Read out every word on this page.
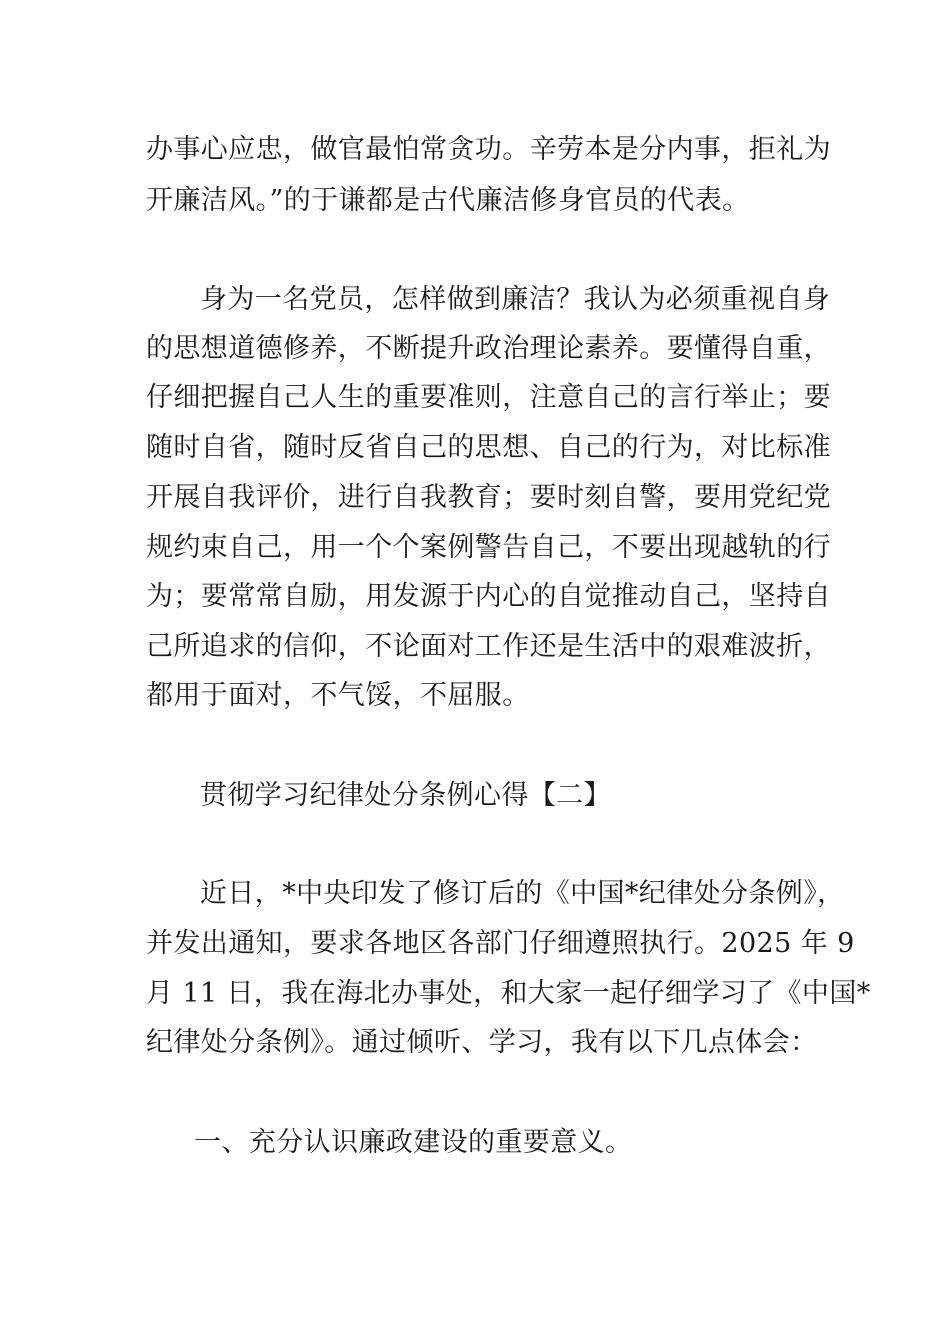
办事心应忠，做官最怕常贪功。辛劳本是分内事，拒礼为
开廉洁风。”的于谦都是古代廉洁修身官员的代表。
身为一名党员，怎样做到廉洁？我认为必须重视自身
的思想道德修养，不断提升政治理论素养。要懂得自重，
仔细把握自己人生的重要准则，注意自己的言行举止；要
随时自省，随时反省自己的思想、自己的行为，对比标准
开展自我评价，进行自我教育；要时刻自警，要用党纪党
规约束自己，用一个个案例警告自己，不要出现越轨的行
为；要常常自励，用发源于内心的自觉推动自己，坚持自
己所追求的信仰，不论面对工作还是生活中的艰难波折，
都用于面对，不气馁，不屈服。
贯彻学习纪律处分条例心得【二】
近日，*中央印发了修订后的《中国*纪律处分条例》，
并发出通知，要求各地区各部门仔细遵照执行。2025 年 9
月 11 日，我在海北办事处，和大家一起仔细学习了《中国*
纪律处分条例》。通过倾听、学习，我有以下几点体会：
一、充分认识廉政建设的重要意义。
